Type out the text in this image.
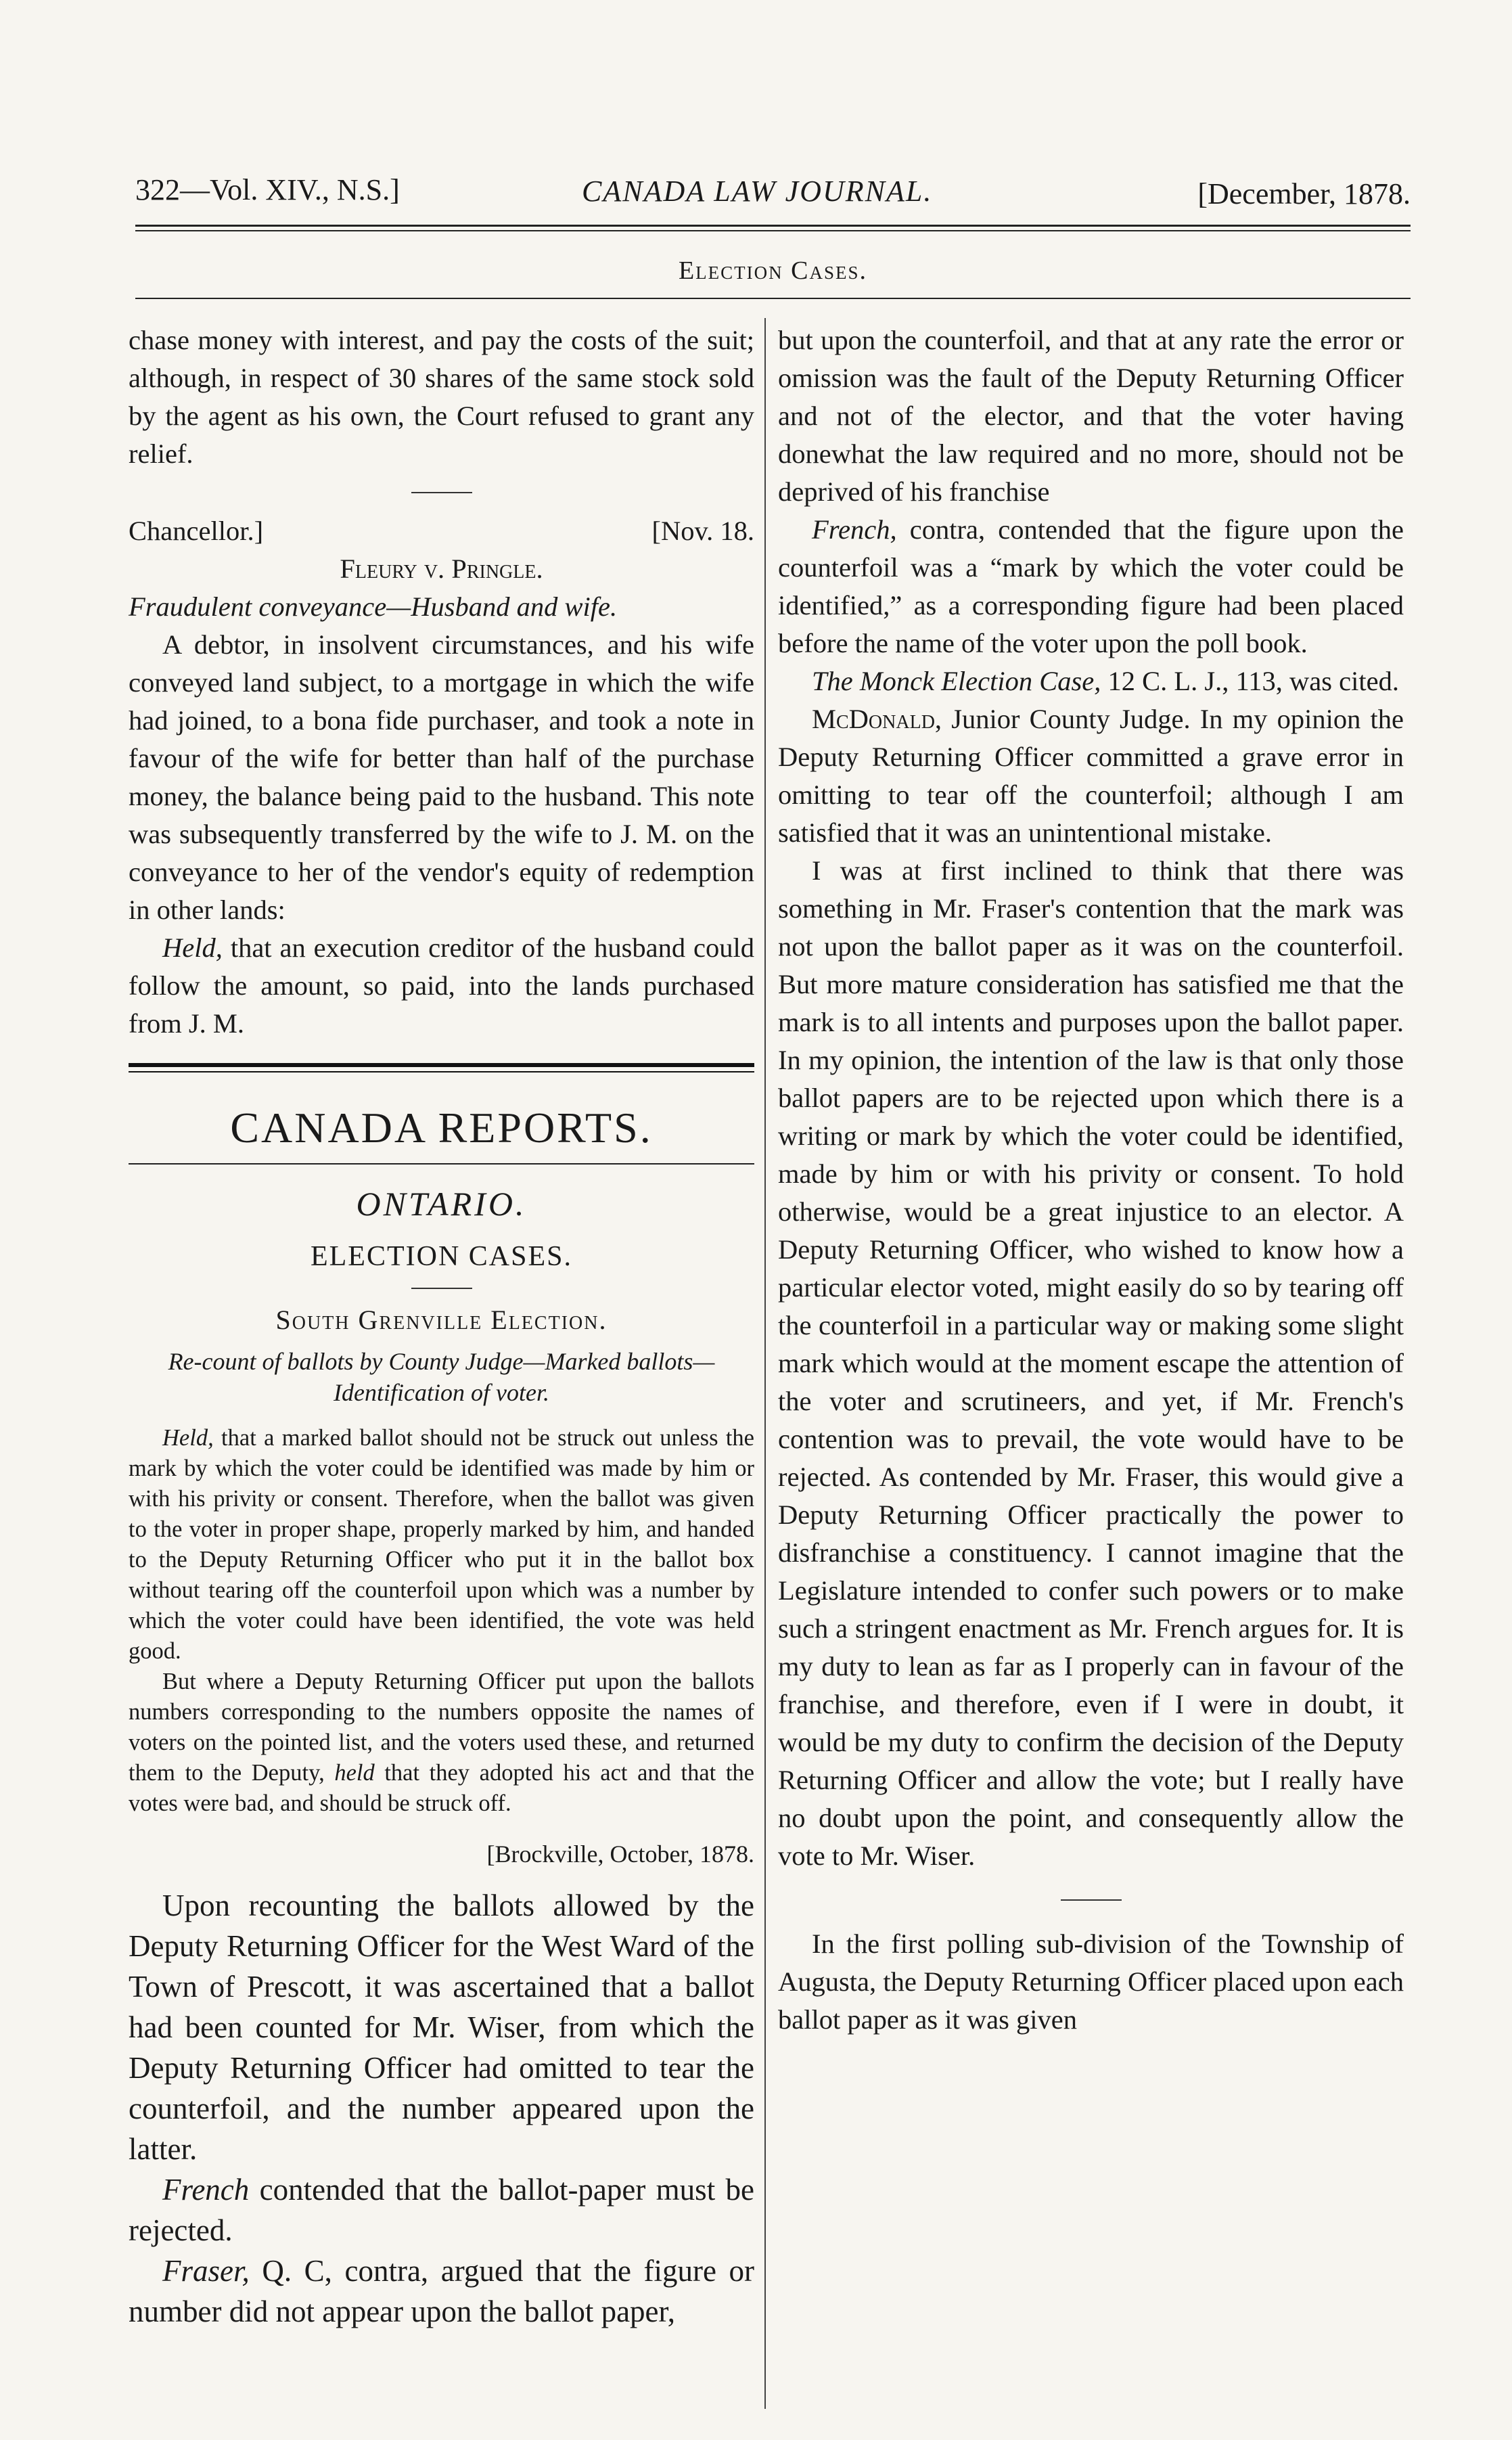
322—Vol. XIV., N.S.]	CANADA LAW JOURNAL.	[December, 1878.
Election Cases.

chase money with interest, and pay the costs of the suit; although, in respect of 30 shares of the same stock sold by the agent as his own, the Court refused to grant any relief.

Chancellor.]	[Nov. 18.

Fleury v. Pringle.

Fraudulent conveyance—Husband and wife.

A debtor, in insolvent circumstances, and his wife conveyed land subject, to a mortgage in which the wife had joined, to a bona fide purchaser, and took a note in favour of the wife for better than half of the purchase money, the balance being paid to the husband. This note was subsequently transferred by the wife to J. M. on the conveyance to her of the vendor's equity of redemption in other lands:

Held, that an execution creditor of the husband could follow the amount, so paid, into the lands purchased from J. M.

CANADA REPORTS.
ONTARIO.
ELECTION CASES.
South Grenville Election.
Re-count of ballots by County Judge—Marked ballots—Identification of voter.

Held, that a marked ballot should not be struck out unless the mark by which the voter could be identified was made by him or with his privity or consent. Therefore, when the ballot was given to the voter in proper shape, properly marked by him, and handed to the Deputy Returning Officer who put it in the ballot box without tearing off the counterfoil upon which was a number by which the voter could have been identified, the vote was held good.

But where a Deputy Returning Officer put upon the ballots numbers corresponding to the numbers opposite the names of voters on the pointed list, and the voters used these, and returned them to the Deputy, held that they adopted his act and that the votes were bad, and should be struck off.

[Brockville, October, 1878.

Upon recounting the ballots allowed by the Deputy Returning Officer for the West Ward of the Town of Prescott, it was ascertained that a ballot had been counted for Mr. Wiser, from which the Deputy Returning Officer had omitted to tear the counterfoil, and the number appeared upon the latter.

French contended that the ballot-paper must be rejected.

Fraser, Q. C, contra, argued that the figure or number did not appear upon the ballot paper,

but upon the counterfoil, and that at any rate the error or omission was the fault of the Deputy Returning Officer and not of the elector, and that the voter having donewhat the law required and no more, should not be deprived of his franchise

French, contra, contended that the figure upon the counterfoil was a “mark by which the voter could be identified,” as a corresponding figure had been placed before the name of the voter upon the poll book.

The Monck Election Case, 12 C. L. J., 113, was cited.

McDonald, Junior County Judge. In my opinion the Deputy Returning Officer committed a grave error in omitting to tear off the counterfoil; although I am satisfied that it was an unintentional mistake.

I was at first inclined to think that there was something in Mr. Fraser's contention that the mark was not upon the ballot paper as it was on the counterfoil. But more mature consideration has satisfied me that the mark is to all intents and purposes upon the ballot paper. In my opinion, the intention of the law is that only those ballot papers are to be rejected upon which there is a writing or mark by which the voter could be identified, made by him or with his privity or consent. To hold otherwise, would be a great injustice to an elector. A Deputy Returning Officer, who wished to know how a particular elector voted, might easily do so by tearing off the counterfoil in a particular way or making some slight mark which would at the moment escape the attention of the voter and scrutineers, and yet, if Mr. French's contention was to prevail, the vote would have to be rejected. As contended by Mr. Fraser, this would give a Deputy Returning Officer practically the power to disfranchise a constituency. I cannot imagine that the Legislature intended to confer such powers or to make such a stringent enactment as Mr. French argues for. It is my duty to lean as far as I properly can in favour of the franchise, and therefore, even if I were in doubt, it would be my duty to confirm the decision of the Deputy Returning Officer and allow the vote; but I really have no doubt upon the point, and consequently allow the vote to Mr. Wiser.

In the first polling sub-division of the Township of Augusta, the Deputy Returning Officer placed upon each ballot paper as it was given
